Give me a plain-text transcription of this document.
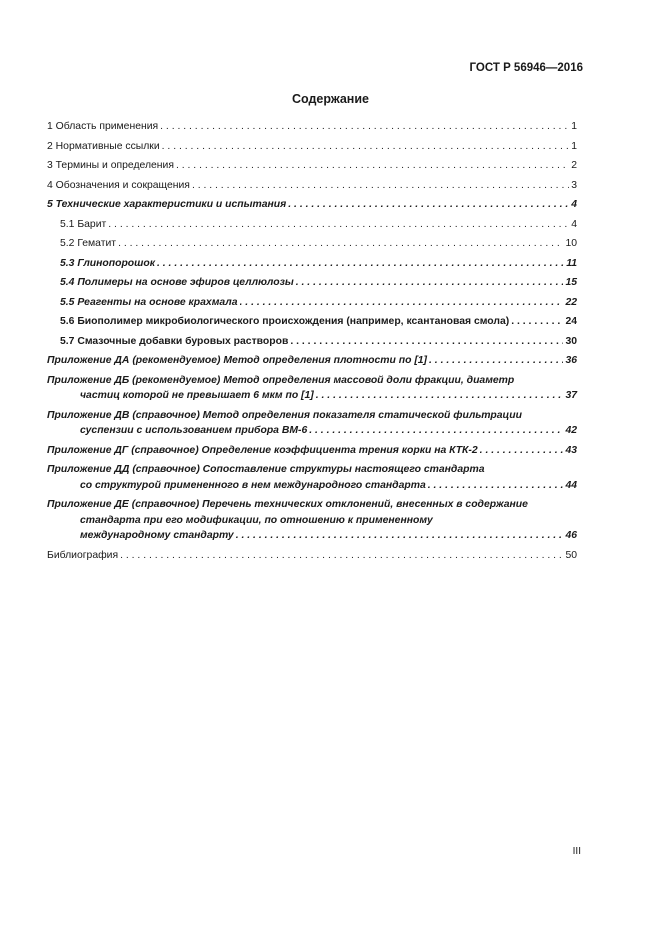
ГОСТ Р 56946—2016
Содержание
1 Область применения . . .	1
2 Нормативные ссылки . . .	1
3 Термины и определения . . .	2
4 Обозначения и сокращения . . .	3
5 Технические характеристики и испытания . . .	4
5.1 Барит . . .	4
5.2 Гематит . . .	10
5.3 Глинопорошок . . .	11
5.4 Полимеры на основе эфиров целлюлозы . . .	15
5.5 Реагенты на основе крахмала . . .	22
5.6 Биополимер микробиологического происхождения (например, ксантановая смола) . . .	24
5.7 Смазочные добавки буровых растворов . . .	30
Приложение ДА (рекомендуемое) Метод определения плотности по [1] . . .	36
Приложение ДБ (рекомендуемое) Метод определения массовой доли фракции, диаметр
частиц которой не превышает 6 мкм по [1] . . .	37
Приложение ДВ (справочное) Метод определения показателя статической фильтрации
суспензии с использованием прибора ВМ-6 . . .	42
Приложение ДГ (справочное) Определение коэффициента трения корки на КТК-2 . . .	43
Приложение ДД (справочное) Сопоставление структуры настоящего стандарта
со структурой примененного в нем международного стандарта . . .	44
Приложение ДЕ (справочное) Перечень технических отклонений, внесенных в содержание
стандарта при его модификации, по отношению к примененному
международному стандарту . . .	46
Библиография . . .	50
III
